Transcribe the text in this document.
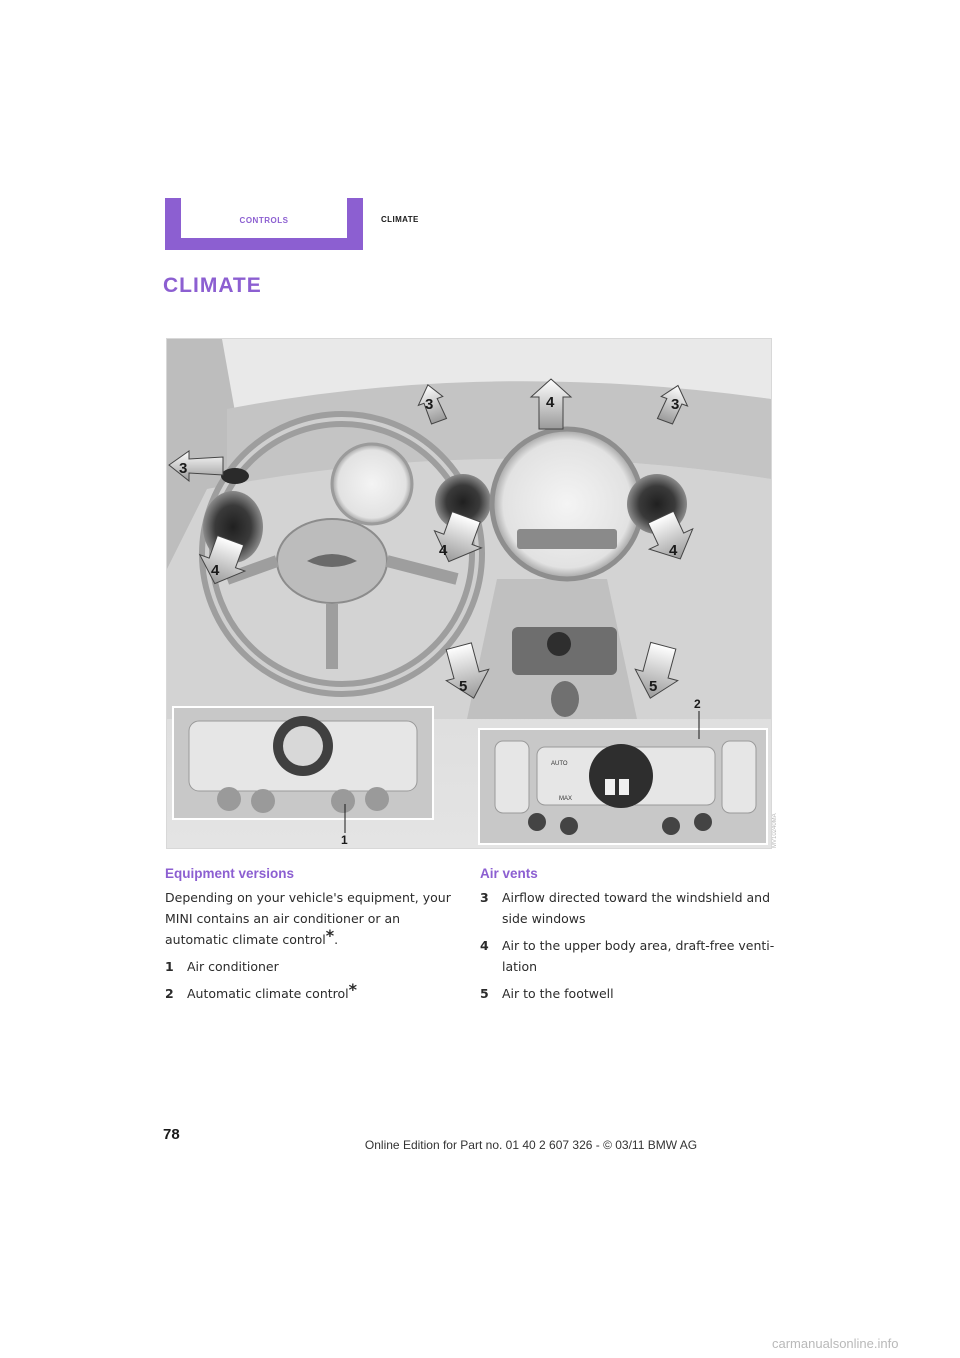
controls	climate
climate
1
AUTO
MAX
2
3
3	4	3
4
4	4
5	5
MV10240MA
Equipment versions

Depending on your vehicle's equipment, your MINI contains an air conditioner or an automatic climate control*.

1	Air conditioner
2	Automatic climate control*
Air vents
3	Airflow directed toward the windshield and side windows
4	Air to the upper body area, draft-free venti-lation
5	Air to the footwell
78
Online Edition for Part no. 01 40 2 607 326 - © 03/11 BMW AG
carmanualsonline.info
